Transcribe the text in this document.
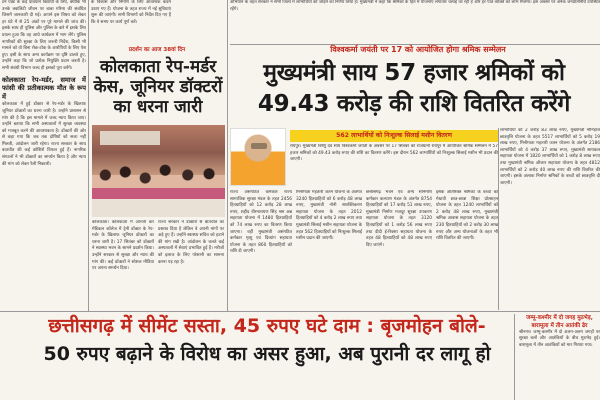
टर्न एक्ट के कड़े प्रावधान विद्यार्थी के लिए, क्योंकि भी उनके क्वालिटी जीवन पर बाबा गरिमा की संबंधित जिसमें जानकारी दी गई। आपने इस विषय को लेकर हर घंटे में से 25 अंकों पर पूरे मामले की जांच की। इसके साथ ही पुलिस और पुलिस के बारे में इसके लिए प्रयत्न हुआ कि वह आधे कार्यक्रम में भाग लेंगे। पुलिस नागरिकों की सुरक्षा के लिए जरूरी निर्देश, किसी भी मामले को वो बिना रोक-टोक के आरोपियों के लिए पेश हुए। इसी के साथ अन्य कार्यक्रम पर दृष्टि डालते हुए, उन्होंने कहा कि जो प्रत्येक नियुक्ति प्रदान करती है। सभी संबंधी विभाग जल्द ही इसको पूरा करेंगे।

कोलकाता रेप-मर्डर, समाज में फांसी की प्रतीकात्मक मौत के रूप में

कोलकाता में हुई डॉक्टर से रेप-मर्डर के खिलाफ जूनियर डॉक्टरों का धरना जारी है। उन्होंने प्रशासन से मांग की है कि इस मामले में जल्द न्याय किया जाए। उन्होंने बताया कि सभी अस्पतालों में सुरक्षा व्यवस्था को मजबूत करने की आवश्यकता है। डॉक्टरों की ओर से कहा गया कि जब तक दोषियों को सजा नहीं मिलती, आंदोलन जारी रहेगा। राज्य सरकार के साथ बातचीत की कई कोशिशें विफल हुई हैं। नागरिक संगठनों ने भी डॉक्टरों का समर्थन किया है और न्याय की मांग को लेकर रैली निकाली।

के विकास और निर्माण के लिए आवश्यक कदम उठाए गए हैं। योजना के तहत राज्य में नई सुविधाएं शुरू की जाएंगी। सभी विभागों को निर्देश दिए गए हैं कि वे समय पर कार्य पूर्ण करें।

प्रदर्शन का आज 38वां दिन
कोलकाता रेप-मर्डर केस, जूनियर डॉक्टरों का धरना जारी

कोलकाता। कोलकाता में आरजी कर मेडिकल कॉलेज में ट्रेनी डॉक्टर के रेप-मर्डर के खिलाफ जूनियर डॉक्टरों का धरना जारी है। 17 सितंबर को डॉक्टरों ने स्वास्थ्य भवन के सामने प्रदर्शन किया। उन्होंने सरकार से सुरक्षा और न्याय की मांग की। कई डॉक्टरों ने सोशल मीडिया पर अपना समर्थन दिया।

राज्य सरकार ने डॉक्टरों से बातचीत का प्रस्ताव दिया है लेकिन वे अपनी मांगों पर अड़े हुए हैं। उन्होंने स्वास्थ्य सचिव को हटाने की मांग रखी है। आंदोलन के चलते कई अस्पतालों में सेवाएं प्रभावित हुई हैं। मरीजों को इलाज के लिए परेशानी का सामना करना पड़ रहा है।

अभियान के तहत सरकार ने सभी जिलों में लाभार्थियों को जोड़ने का निर्णय लिया है। मुख्यमंत्री ने कहा कि श्रमिकों के हित में योजनाएं लगातार चलाई जा रही हैं और हर पात्र व्यक्ति को लाभ मिलेगा। इस अवसर पर अनेक जनप्रतिनिधि उपस्थित रहेंगे।

विश्वकर्मा जयंती पर 17 को आयोजित होगा श्रमिक सम्मेलन
मुख्यमंत्री साय 57 हजार श्रमिकों को 49.43 करोड़ की राशि वितरित करेंगे
562 लाभार्थियों को निःशुल्क सिलाई मशीन वितरण

रायपुर। मुख्यमंत्री विष्णु देव साय विश्वकर्मा जयंती के अवसर पर 17 सितंबर को राजधानी रायपुर में आयोजित श्रमिक सम्मेलन में 57 हजार श्रमिकों को 49.43 करोड़ रुपए की राशि का वितरण करेंगे। इस दौरान 562 लाभार्थियों को निःशुल्क सिलाई मशीन भी प्रदान की जाएगी।

लाभार्थियों को 2 करोड़ 83 लाख रुपए, मुख्यमंत्री नौनिहाल छात्रवृत्ति योजना के तहत 5517 लाभार्थियों को 5 करोड़ 19 लाख रुपए, मिनीमाता महतारी जतन योजना के अंतर्गत 2186 लाभार्थियों को 4 करोड़ 37 लाख रुपए, मुख्यमंत्री सायकल सहायता योजना में 1820 लाभार्थियों को 1 करोड़ 8 लाख रुपए तथा मुख्यमंत्री श्रमिक औजार सहायता योजना के तहत 4812 लाभार्थियों को 2 करोड़ 40 लाख रुपए की राशि वितरित की जाएगी। इसके अलावा निर्माण श्रमिकों के बच्चों को छात्रवृत्ति दी जाएगी।

राज्य असंगठित कर्मकार राज्य सामाजिक सुरक्षा मंडल के तहत 2456 हितग्राहियों को 12 करोड़ 28 लाख रुपए, शहीद वीरनारायण सिंह श्रम अन्न सहायता योजना में 1480 हितग्राहियों को 74 लाख रुपए का वितरण किया जाएगा। वहीं मुख्यमंत्री असंगठित कर्मकार मृत्यु एवं दिव्यांग सहायता योजना के तहत 860 हितग्राहियों को राशि दी जाएगी।

मिनीमाता महतारी जतन योजना के अंतर्गत 3240 हितग्राहियों को 6 करोड़ 48 लाख रुपए, मुख्यमंत्री नोनी सशक्तिकरण सहायता योजना के तहत 2012 हितग्राहियों को 4 करोड़ 2 लाख रुपए तथा मुख्यमंत्री सिलाई मशीन सहायता योजना के तहत 562 हितग्राहियों को निःशुल्क सिलाई मशीन प्रदान की जाएगी।

छत्तीसगढ़ भवन एवं अन्य संनिर्माण कर्मकार कल्याण मंडल के अंतर्गत 8754 हितग्राहियों को 17 करोड़ 51 लाख रुपए, मुख्यमंत्री निर्माण मजदूर सुरक्षा उपकरण सहायता योजना के तहत 3120 हितग्राहियों को 1 करोड़ 56 लाख रुपए तथा दीदी ई-रिक्शा सहायता योजना के तहत 48 हितग्राहियों को 48 लाख रुपए दिए जाएंगे।

इसके अतिरिक्त श्रमिकों के बच्चों को मेधावी छात्र-छात्रा शिक्षा प्रोत्साहन योजना के तहत 1240 लाभार्थियों को 2 करोड़ 48 लाख रुपए, मुख्यमंत्री श्रमिक आवास सहायता योजना के तहत 230 हितग्राहियों को 2 करोड़ 30 लाख रुपए और अन्य योजनाओं के तहत भी राशि वितरित की जाएगी।

छत्तीसगढ़ में सीमेंट सस्ता, 45 रुपए घटे दाम : बृजमोहन बोले-
50 रुपए बढ़ाने के विरोध का असर हुआ, अब पुरानी दर लागू हो
जम्मू-कश्मीर में दो जगह मुठभेड़, बारामूला में तीन आतंकी ढेर
श्रीनगर। जम्मू-कश्मीर में दो अलग-अलग जगहों पर सुरक्षा बलों और आतंकियों के बीच मुठभेड़ हुई। बारामूला में तीन आतंकियों को मार गिराया गया।
